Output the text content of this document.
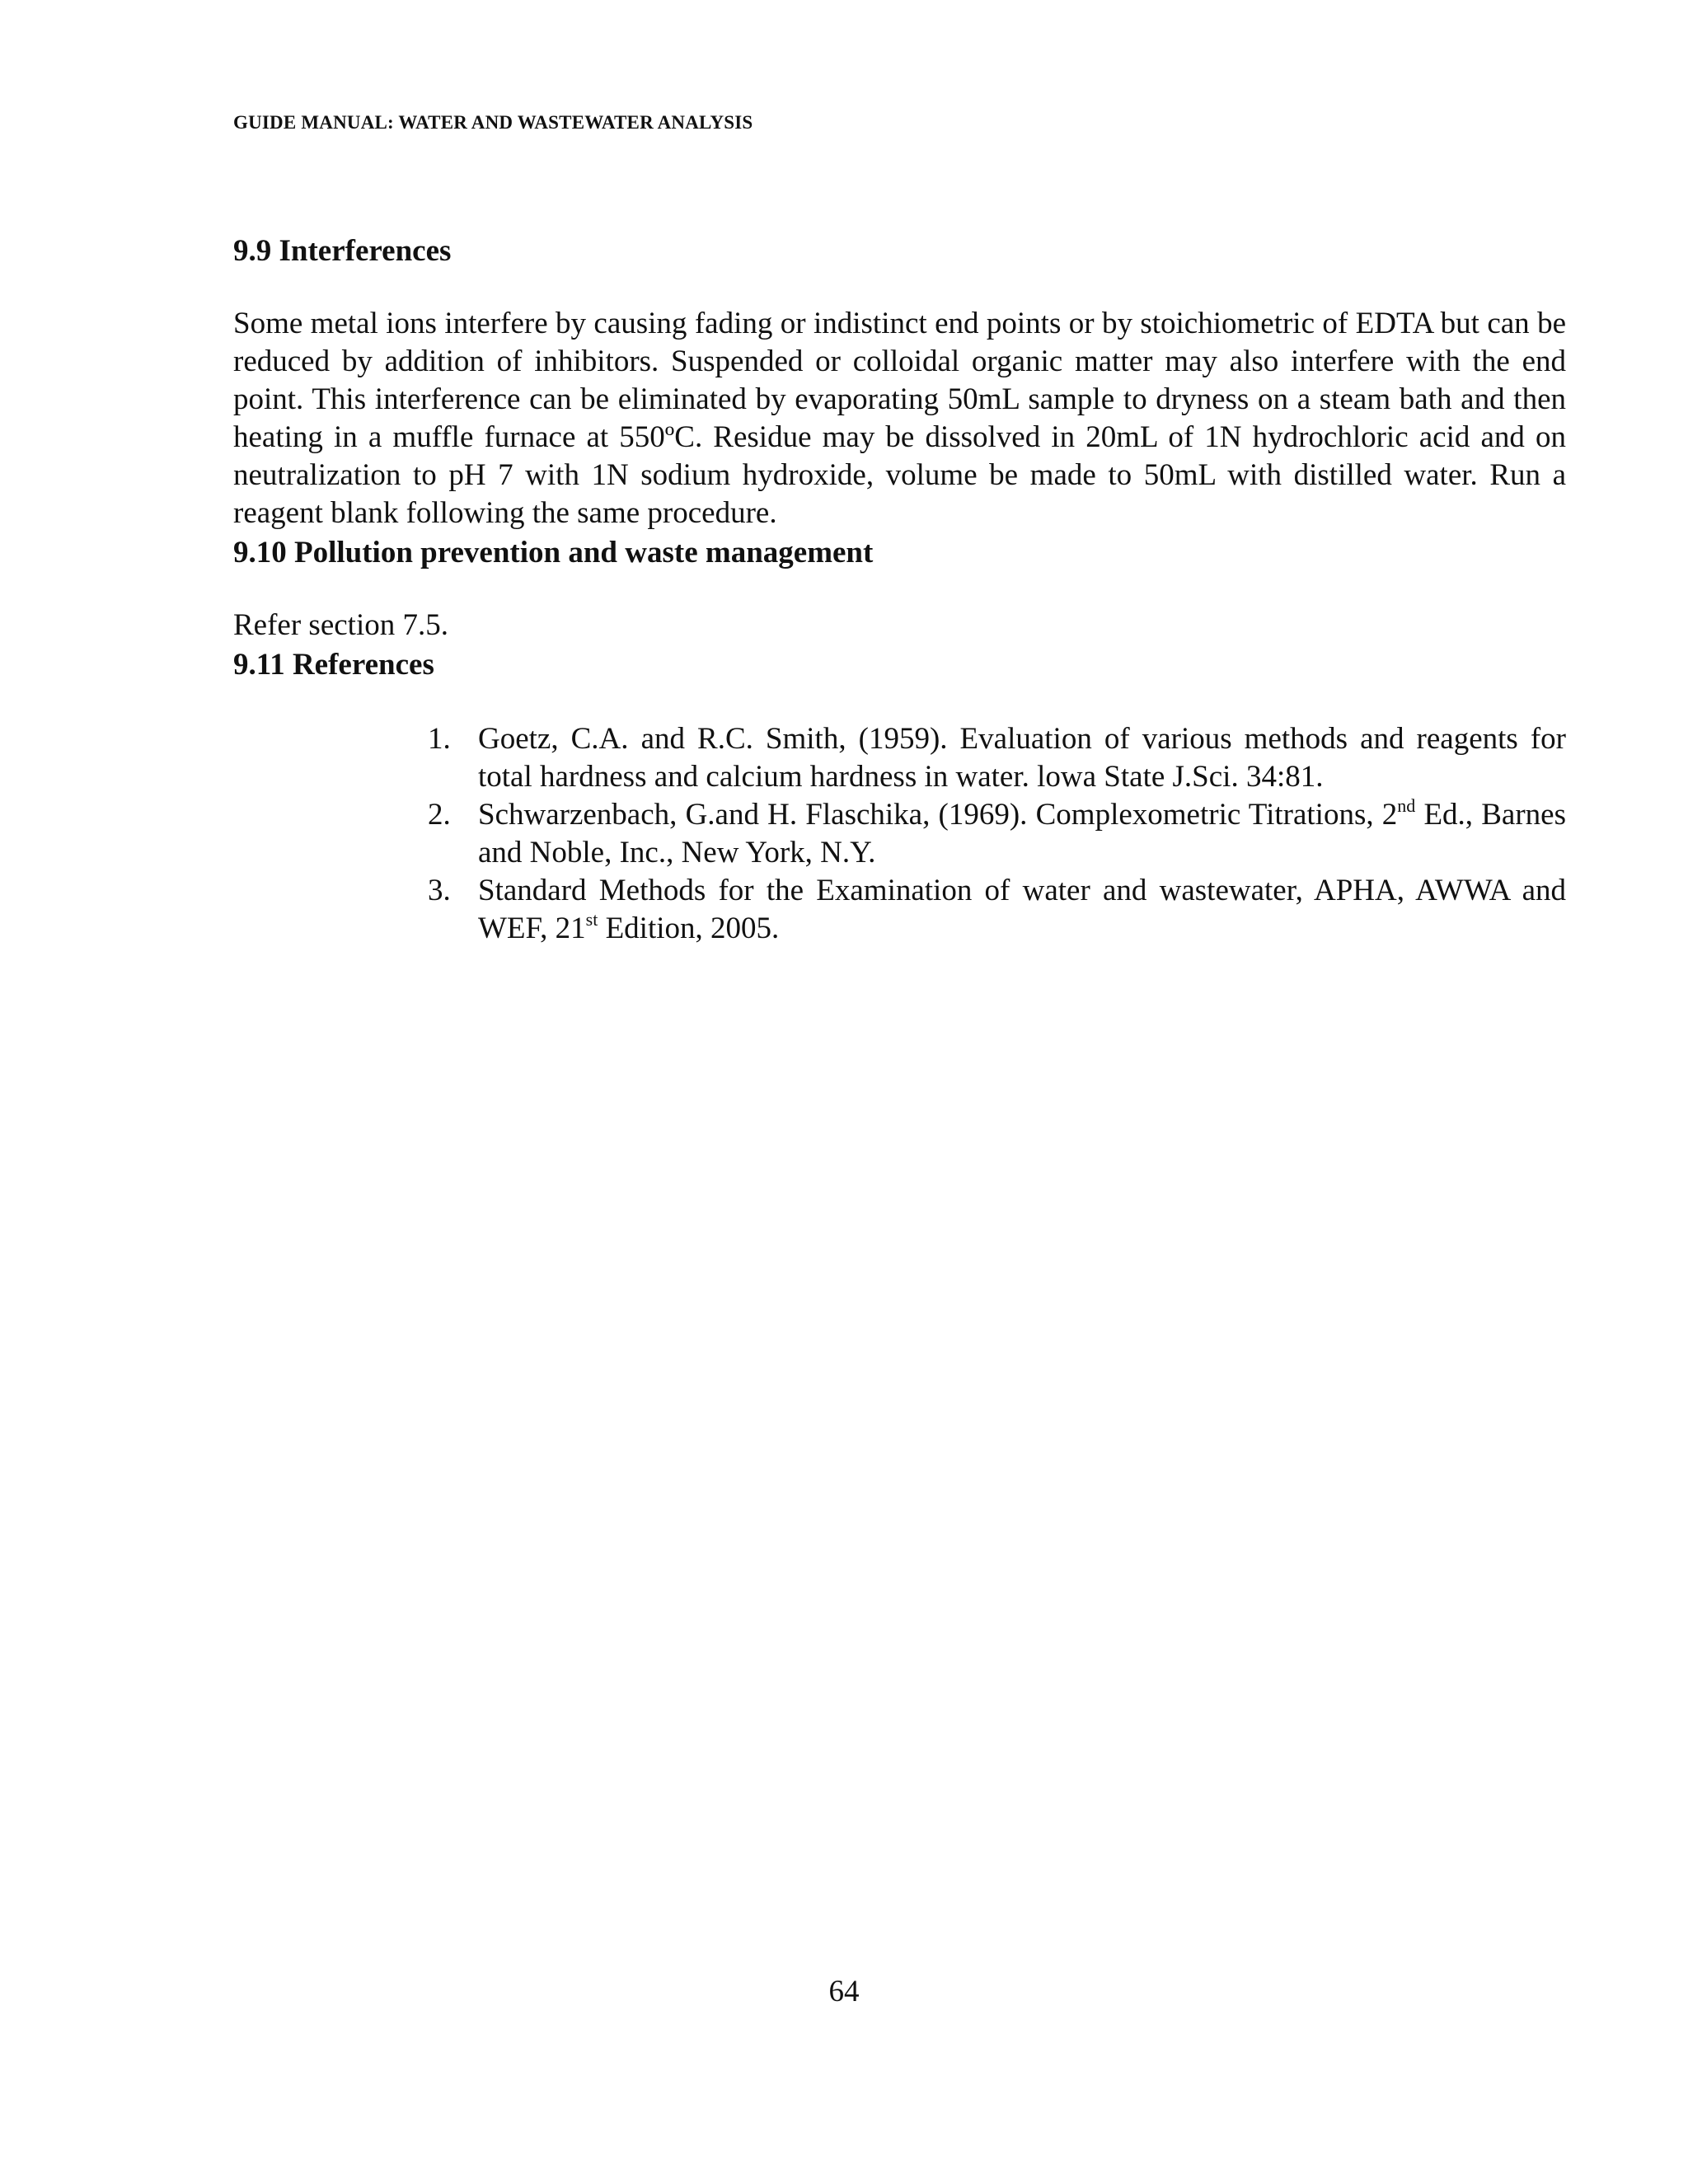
GUIDE MANUAL: WATER AND WASTEWATER ANALYSIS
9.9 Interferences

Some metal ions interfere by causing fading or indistinct end points or by stoichiometric of EDTA but can be reduced by addition of inhibitors. Suspended or colloidal organic matter may also interfere with the end point. This interference can be eliminated by evaporating 50mL sample to dryness on a steam bath and then heating in a muffle furnace at 550ºC. Residue may be dissolved in 20mL of 1N hydrochloric acid and on neutralization to pH 7 with 1N sodium hydroxide, volume be made to 50mL with distilled water. Run a reagent blank following the same procedure.

9.10 Pollution prevention and waste management

Refer section 7.5.

9.11 References
1. Goetz, C.A. and R.C. Smith, (1959). Evaluation of various methods and reagents for total hardness and calcium hardness in water. lowa State J.Sci. 34:81.
2. Schwarzenbach, G.and H. Flaschika, (1969). Complexometric Titrations, 2nd Ed., Barnes and Noble, Inc., New York, N.Y.
3. Standard Methods for the Examination of water and wastewater, APHA, AWWA and WEF, 21st Edition, 2005.
64
